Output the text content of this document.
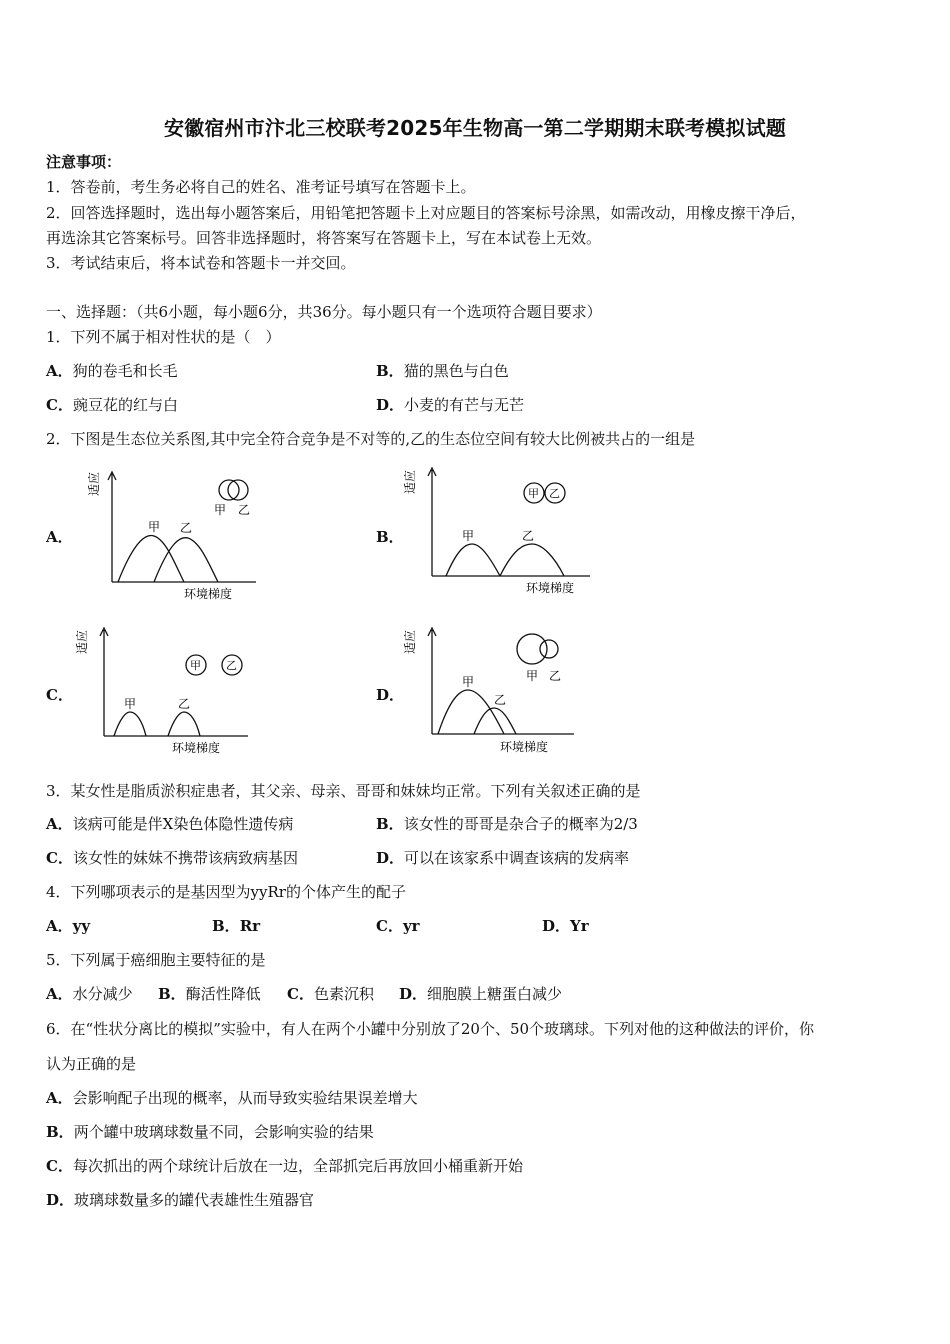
安徽宿州市汴北三校联考2025年生物高一第二学期期末联考模拟试题
注意事项：
1．答卷前，考生务必将自己的姓名、准考证号填写在答题卡上。
2．回答选择题时，选出每小题答案后，用铅笔把答题卡上对应题目的答案标号涂黑，如需改动，用橡皮擦干净后，
再选涂其它答案标号。回答非选择题时，将答案写在答题卡上，写在本试卷上无效。
3．考试结束后，将本试卷和答题卡一并交回。
一、选择题：（共6小题，每小题6分，共36分。每小题只有一个选项符合题目要求）
1．下列不属于相对性状的是（　）
A．狗的卷毛和长毛	B．猫的黑色与白色
C．豌豆花的红与白	D．小麦的有芒与无芒
2．下图是生态位关系图,其中完全符合竞争是不对等的,乙的生态位空间有较大比例被共占的一组是
A．
适应
甲 乙
甲 乙
环境梯度
B．
适应
甲	乙
甲 乙
环境梯度
C．
适应
甲	乙
甲 乙
环境梯度
D．
适应
甲
乙
甲 乙
环境梯度
3．某女性是脂质淤积症患者，其父亲、母亲、哥哥和妹妹均正常。下列有关叙述正确的是
A．该病可能是伴X染色体隐性遗传病	B．该女性的哥哥是杂合子的概率为2/3
C．该女性的妹妹不携带该病致病基因	D．可以在该家系中调查该病的发病率
4．下列哪项表示的是基因型为yyRr的个体产生的配子
A．yy	B．Rr	C．yr	D．Yr
5．下列属于癌细胞主要特征的是
A．水分减少 B．酶活性降低 C．色素沉积 D．细胞膜上糖蛋白减少
6．在“性状分离比的模拟”实验中，有人在两个小罐中分别放了20个、50个玻璃球。下列对他的这种做法的评价，你
认为正确的是
A．会影响配子出现的概率，从而导致实验结果误差增大
B．两个罐中玻璃球数量不同，会影响实验的结果
C．每次抓出的两个球统计后放在一边，全部抓完后再放回小桶重新开始
D．玻璃球数量多的罐代表雄性生殖器官
